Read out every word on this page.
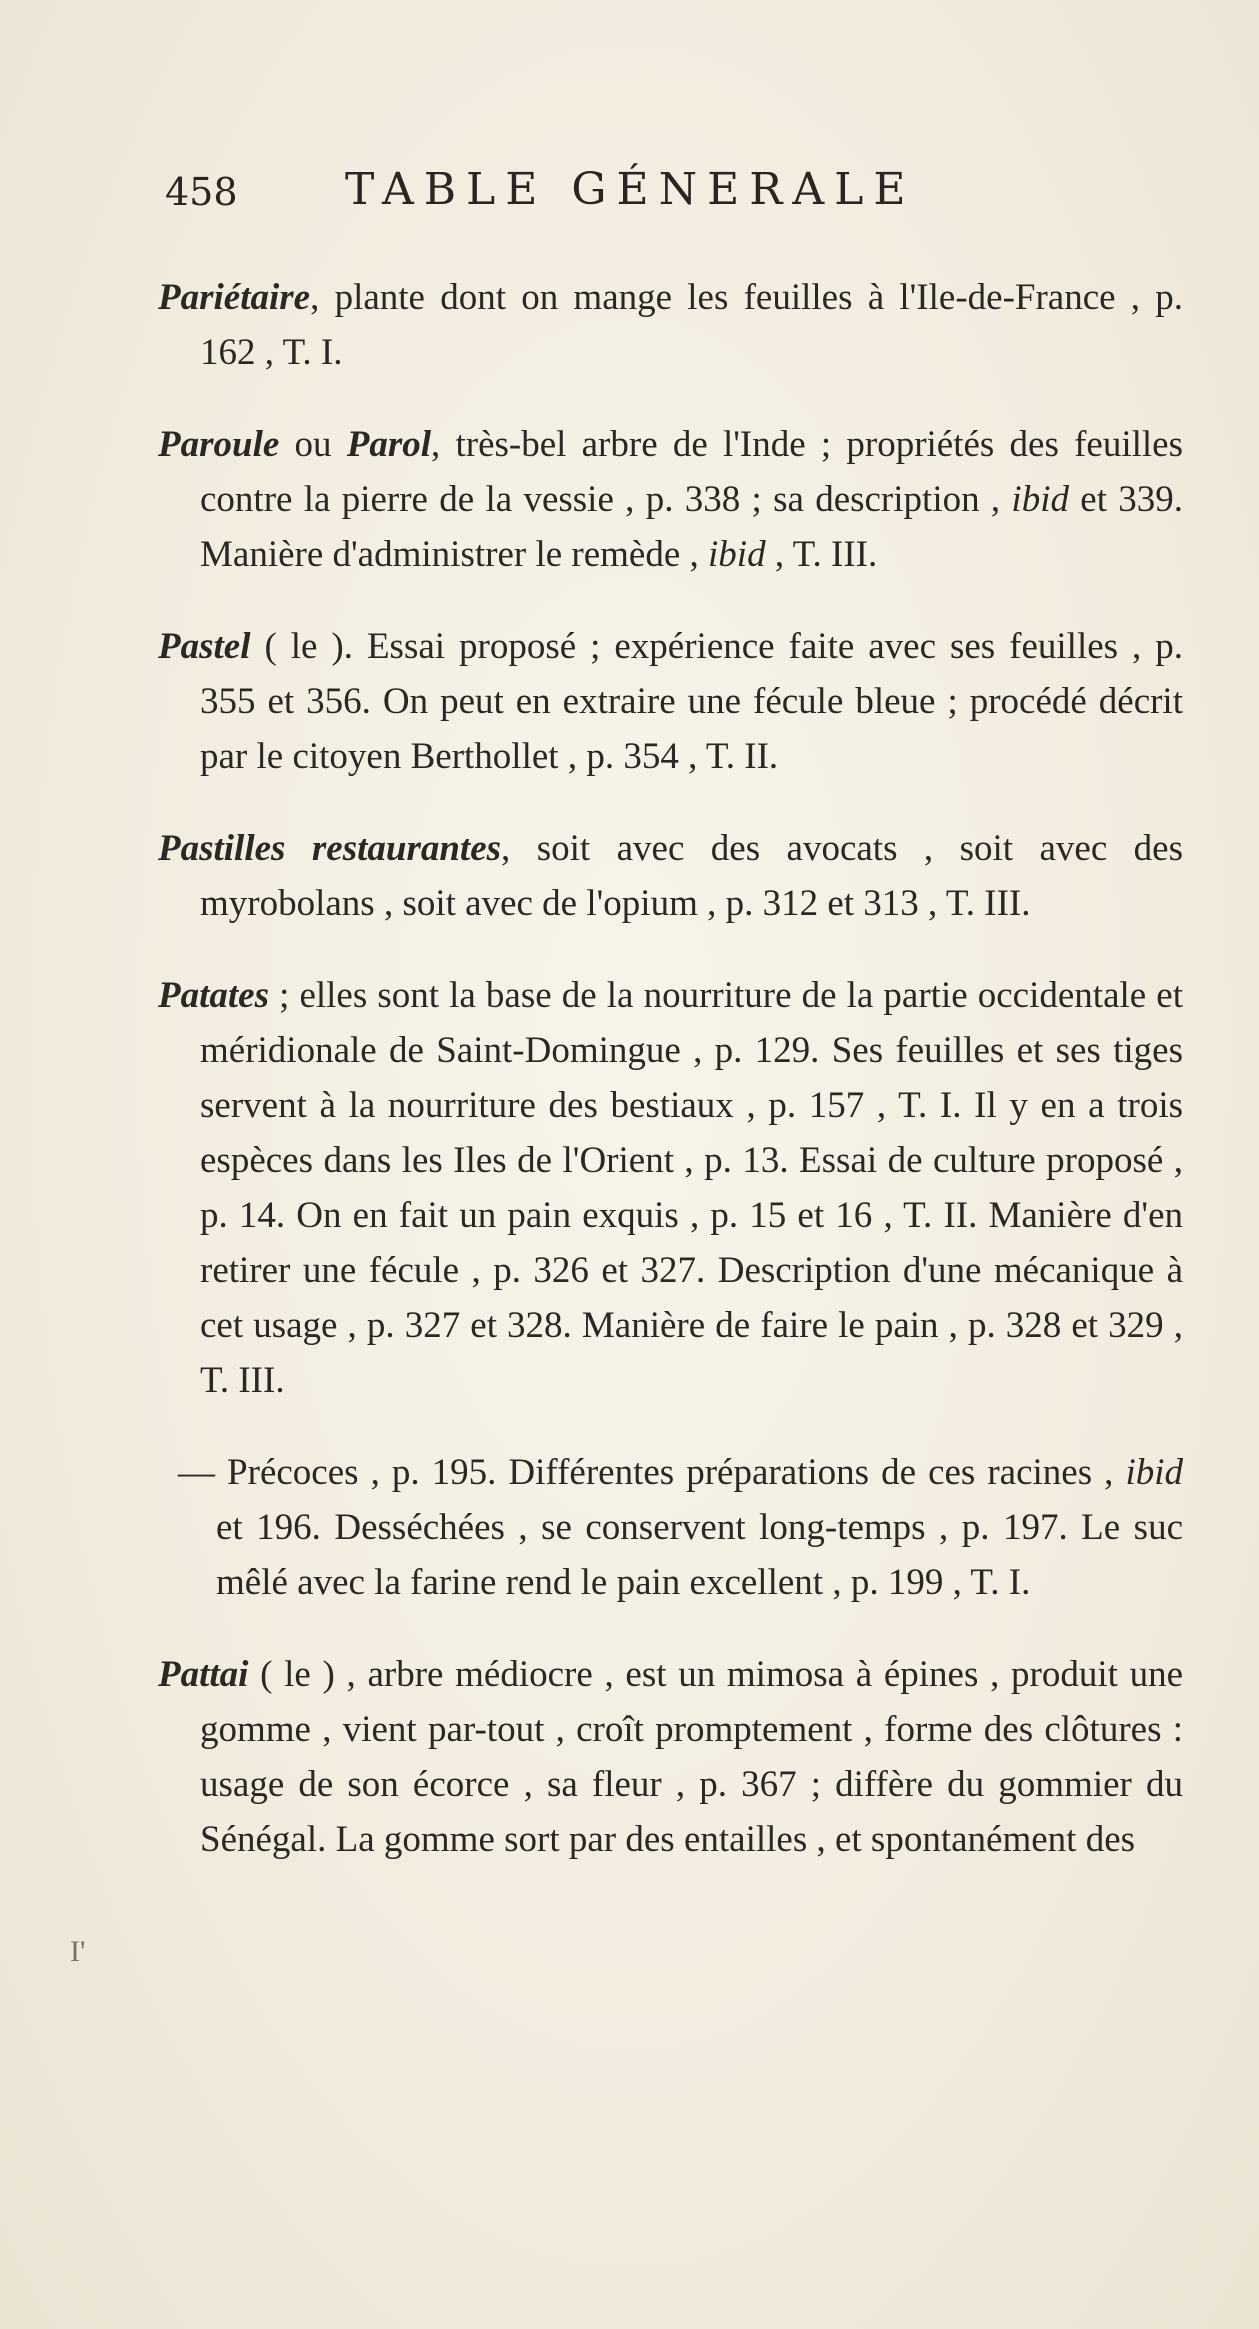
458 TABLE GÉNERALE

Pariétaire, plante dont on mange les feuilles à l'Ile-de-France , p. 162 , T. I.

Paroule ou Parol, très-bel arbre de l'Inde ; propriétés des feuilles contre la pierre de la vessie , p. 338 ; sa description , ibid et 339. Manière d'administrer le remède , ibid , T. III.

Pastel ( le ). Essai proposé ; expérience faite avec ses feuilles , p. 355 et 356. On peut en extraire une fécule bleue ; procédé décrit par le citoyen Berthollet , p. 354 , T. II.

Pastilles restaurantes, soit avec des avocats , soit avec des myrobolans , soit avec de l'opium , p. 312 et 313 , T. III.

Patates ; elles sont la base de la nourriture de la partie occidentale et méridionale de Saint-Domingue , p. 129. Ses feuilles et ses tiges servent à la nourriture des bestiaux , p. 157 , T. I. Il y en a trois espèces dans les Iles de l'Orient , p. 13. Essai de culture proposé , p. 14. On en fait un pain exquis , p. 15 et 16 , T. II. Manière d'en retirer une fécule , p. 326 et 327. Description d'une mécanique à cet usage , p. 327 et 328. Manière de faire le pain , p. 328 et 329 , T. III.

— Précoces , p. 195. Différentes préparations de ces racines , ibid et 196. Desséchées , se conservent long-temps , p. 197. Le suc mêlé avec la farine rend le pain excellent , p. 199 , T. I.

Pattai ( le ) , arbre médiocre , est un mimosa à épines , produit une gomme , vient par-tout , croît promptement , forme des clôtures : usage de son écorce , sa fleur , p. 367 ; diffère du gommier du Sénégal. La gomme sort par des entailles , et spontanément des

I'
